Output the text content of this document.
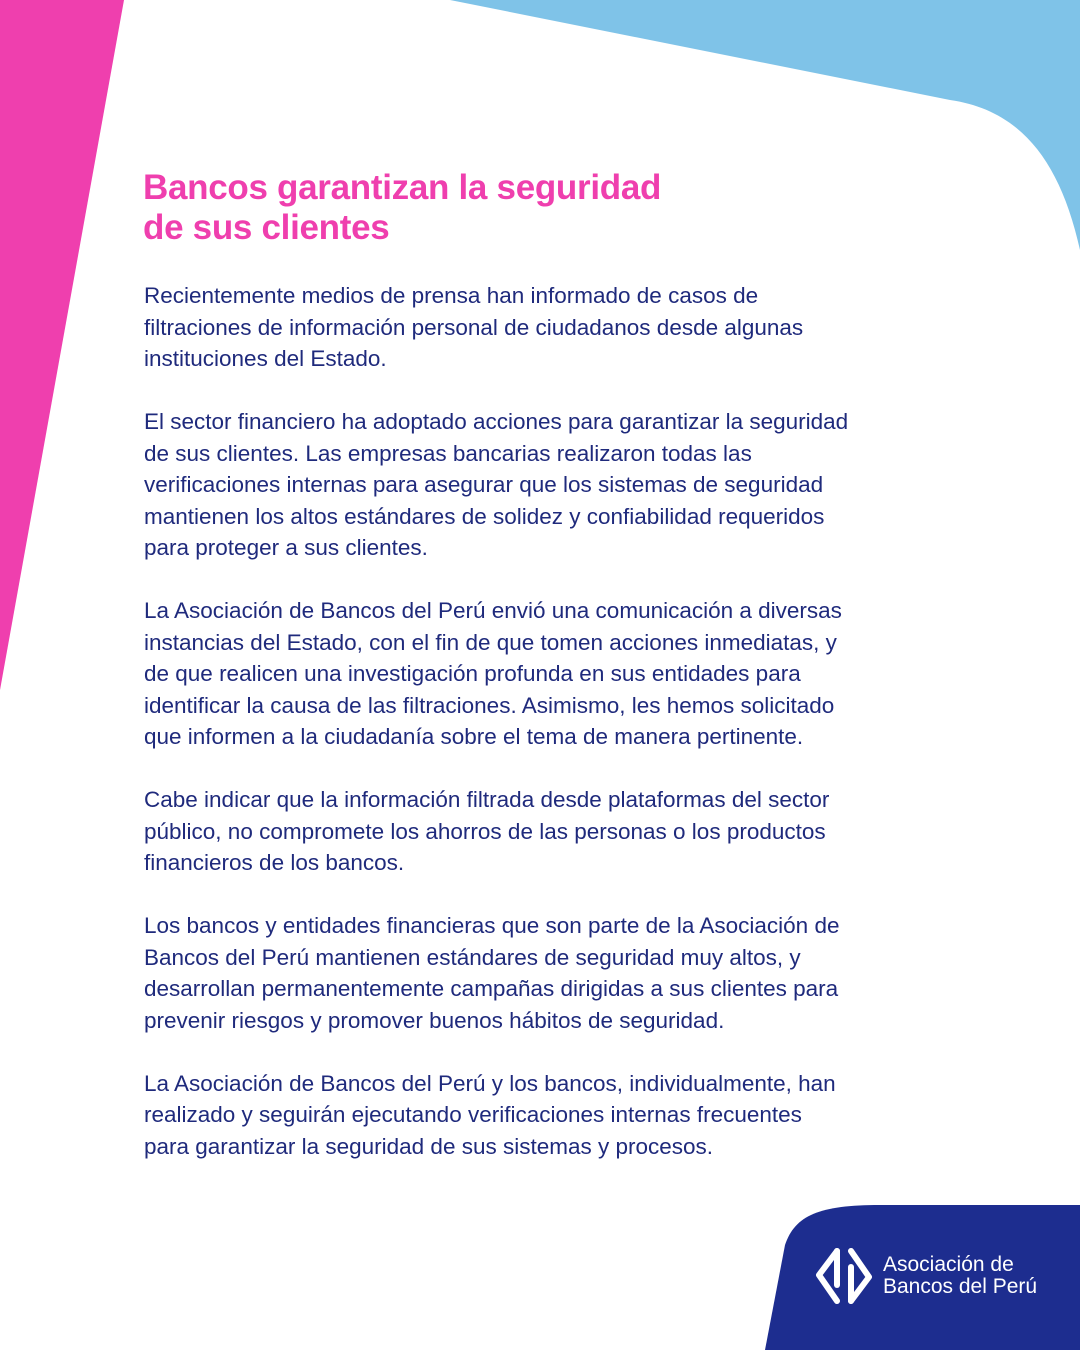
Bancos garantizan la seguridad
de sus clientes

Recientemente medios de prensa han informado de casos de
filtraciones de información personal de ciudadanos desde algunas
instituciones del Estado.

El sector financiero ha adoptado acciones para garantizar la seguridad
de sus clientes. Las empresas bancarias realizaron todas las
verificaciones internas para asegurar que los sistemas de seguridad
mantienen los altos estándares de solidez y confiabilidad requeridos
para proteger a sus clientes.

La Asociación de Bancos del Perú envió una comunicación a diversas
instancias del Estado, con el fin de que tomen acciones inmediatas, y
de que realicen una investigación profunda en sus entidades para
identificar la causa de las filtraciones. Asimismo, les hemos solicitado
que informen a la ciudadanía sobre el tema de manera pertinente.

Cabe indicar que la información filtrada desde plataformas del sector
público, no compromete los ahorros de las personas o los productos
financieros de los bancos.

Los bancos y entidades financieras que son parte de la Asociación de
Bancos del Perú mantienen estándares de seguridad muy altos, y
desarrollan permanentemente campañas dirigidas a sus clientes para
prevenir riesgos y promover buenos hábitos de seguridad.

La Asociación de Bancos del Perú y los bancos, individualmente, han
realizado y seguirán ejecutando verificaciones internas frecuentes
para garantizar la seguridad de sus sistemas y procesos.

Asociación de
Bancos del Perú
